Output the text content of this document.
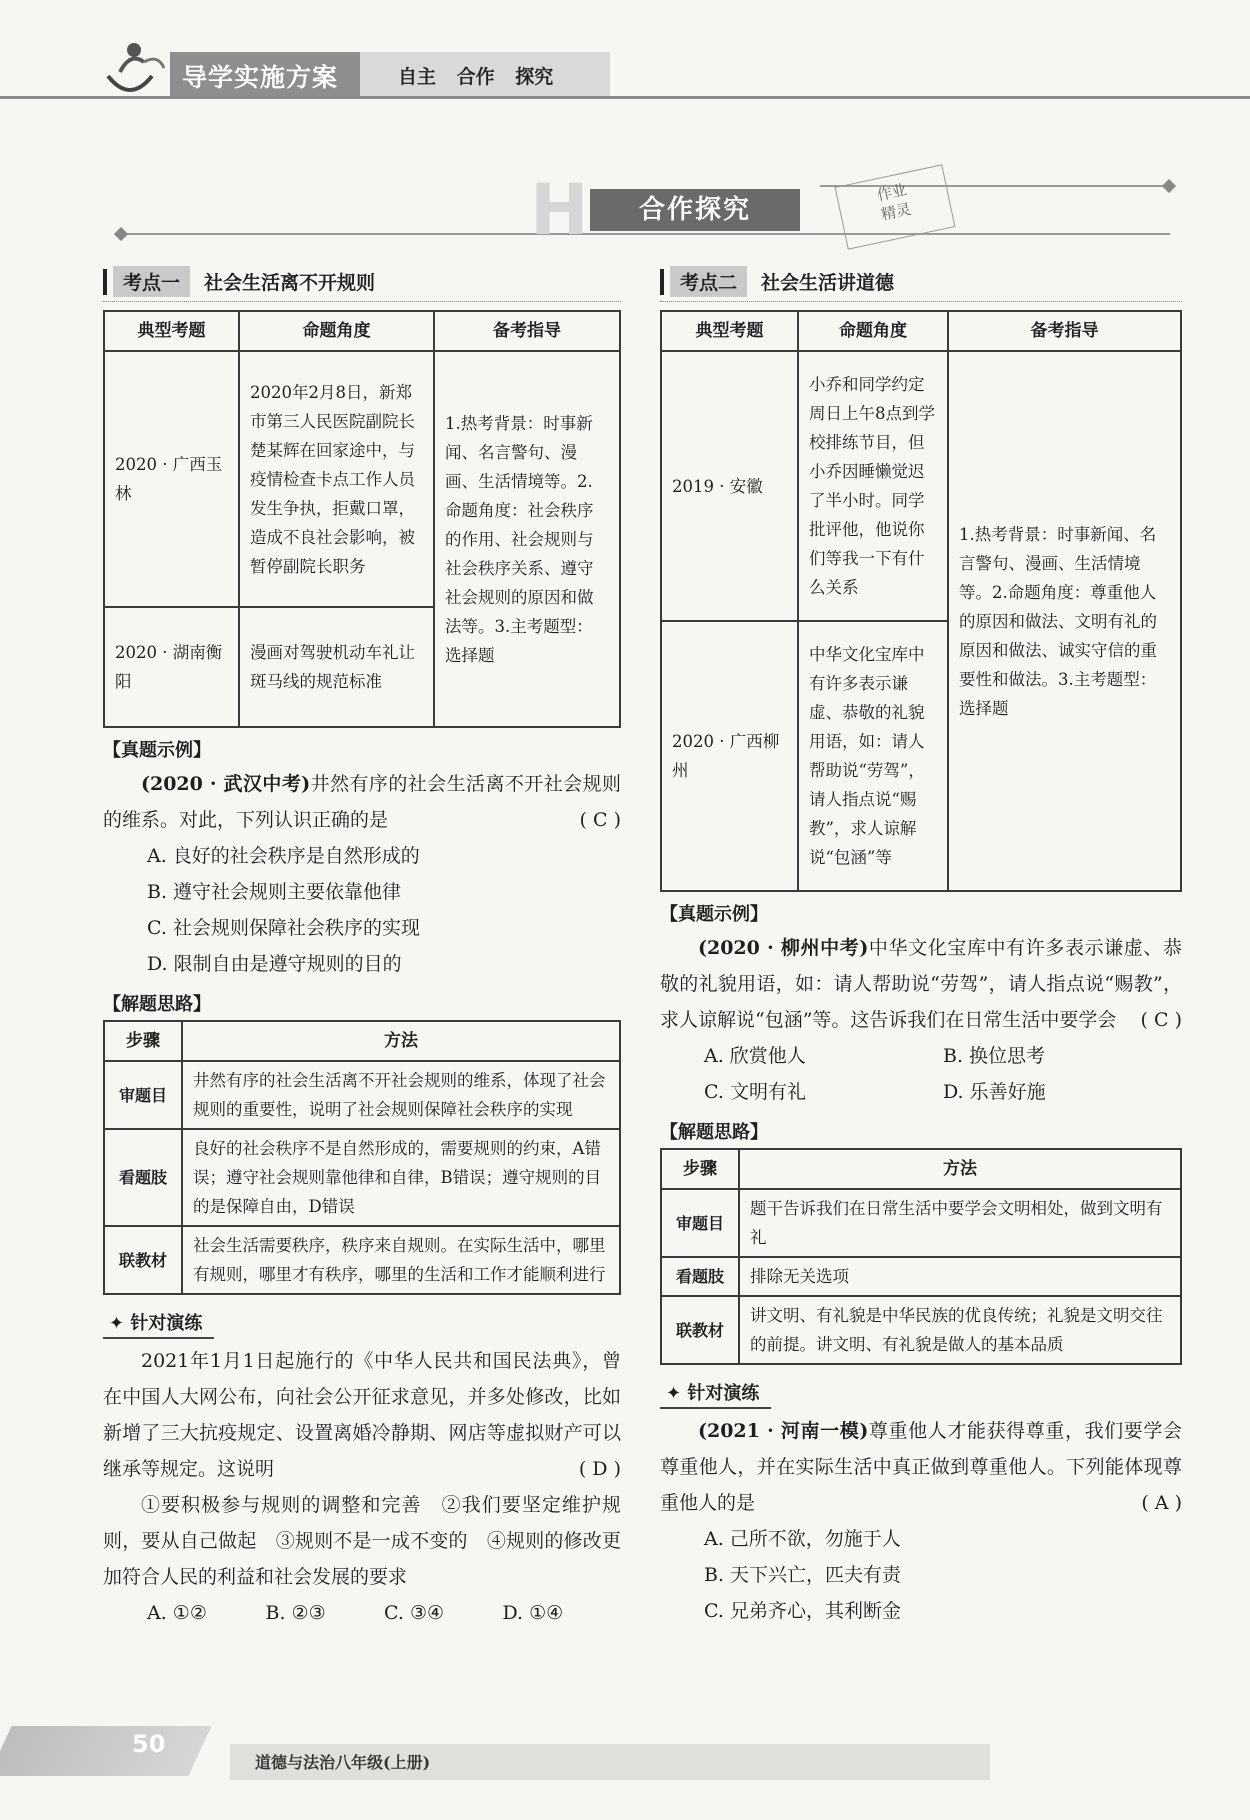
导学实施方案	自主 合作 探究
H	合作探究
作业
精灵
考点一	社会生活离不开规则
典型考题	命题角度	备考指导
2020 · 广西玉林	2020年2月8日，新郑市第三人民医院副院长楚某辉在回家途中，与疫情检查卡点工作人员发生争执，拒戴口罩，造成不良社会影响，被暂停副院长职务	1.热考背景：时事新闻、名言警句、漫画、生活情境等。2.命题角度：社会秩序的作用、社会规则与社会秩序关系、遵守社会规则的原因和做法等。3.主考题型：选择题
2020 · 湖南衡阳	漫画对驾驶机动车礼让斑马线的规范标准	
【真题示例】
(2020 · 武汉中考)井然有序的社会生活离不开社会规则的维系。对此，下列认识正确的是	( C )
A. 良好的社会秩序是自然形成的
B. 遵守社会规则主要依靠他律
C. 社会规则保障社会秩序的实现
D. 限制自由是遵守规则的目的
【解题思路】
步骤	方法
审题目	井然有序的社会生活离不开社会规则的维系，体现了社会规则的重要性，说明了社会规则保障社会秩序的实现
看题肢	良好的社会秩序不是自然形成的，需要规则的约束，A错误；遵守社会规则靠他律和自律，B错误；遵守规则的目的是保障自由，D错误
联教材	社会生活需要秩序，秩序来自规则。在实际生活中，哪里有规则，哪里才有秩序，哪里的生活和工作才能顺利进行
✦ 针对演练
2021年1月1日起施行的《中华人民共和国民法典》，曾在中国人大网公布，向社会公开征求意见，并多处修改，比如新增了三大抗疫规定、设置离婚冷静期、网店等虚拟财产可以继承等规定。这说明	( D )
①要积极参与规则的调整和完善　②我们要坚定维护规则，要从自己做起　③规则不是一成不变的　④规则的修改更加符合人民的利益和社会发展的要求
A. ①②	B. ②③	C. ③④	D. ①④
考点二	社会生活讲道德
典型考题	命题角度	备考指导
2019 · 安徽	小乔和同学约定周日上午8点到学校排练节目，但小乔因睡懒觉迟了半小时。同学批评他，他说你们等我一下有什么关系	1.热考背景：时事新闻、名言警句、漫画、生活情境等。2.命题角度：尊重他人的原因和做法、文明有礼的原因和做法、诚实守信的重要性和做法。3.主考题型：选择题
2020 · 广西柳州	中华文化宝库中有许多表示谦虚、恭敬的礼貌用语，如：请人帮助说“劳驾”，请人指点说“赐教”，求人谅解说“包涵”等	
【真题示例】
(2020 · 柳州中考)中华文化宝库中有许多表示谦虚、恭敬的礼貌用语，如：请人帮助说“劳驾”，请人指点说“赐教”，求人谅解说“包涵”等。这告诉我们在日常生活中要学会 ( C )
A. 欣赏他人	B. 换位思考
C. 文明有礼	D. 乐善好施
【解题思路】
步骤	方法
审题目	题干告诉我们在日常生活中要学会文明相处，做到文明有礼
看题肢	排除无关选项
联教材	讲文明、有礼貌是中华民族的优良传统；礼貌是文明交往的前提。讲文明、有礼貌是做人的基本品质
✦ 针对演练
(2021 · 河南一模)尊重他人才能获得尊重，我们要学会尊重他人，并在实际生活中真正做到尊重他人。下列能体现尊重他人的是	( A )
A. 己所不欲，勿施于人
B. 天下兴亡，匹夫有责
C. 兄弟齐心，其利断金
50
道德与法治八年级(上册)
